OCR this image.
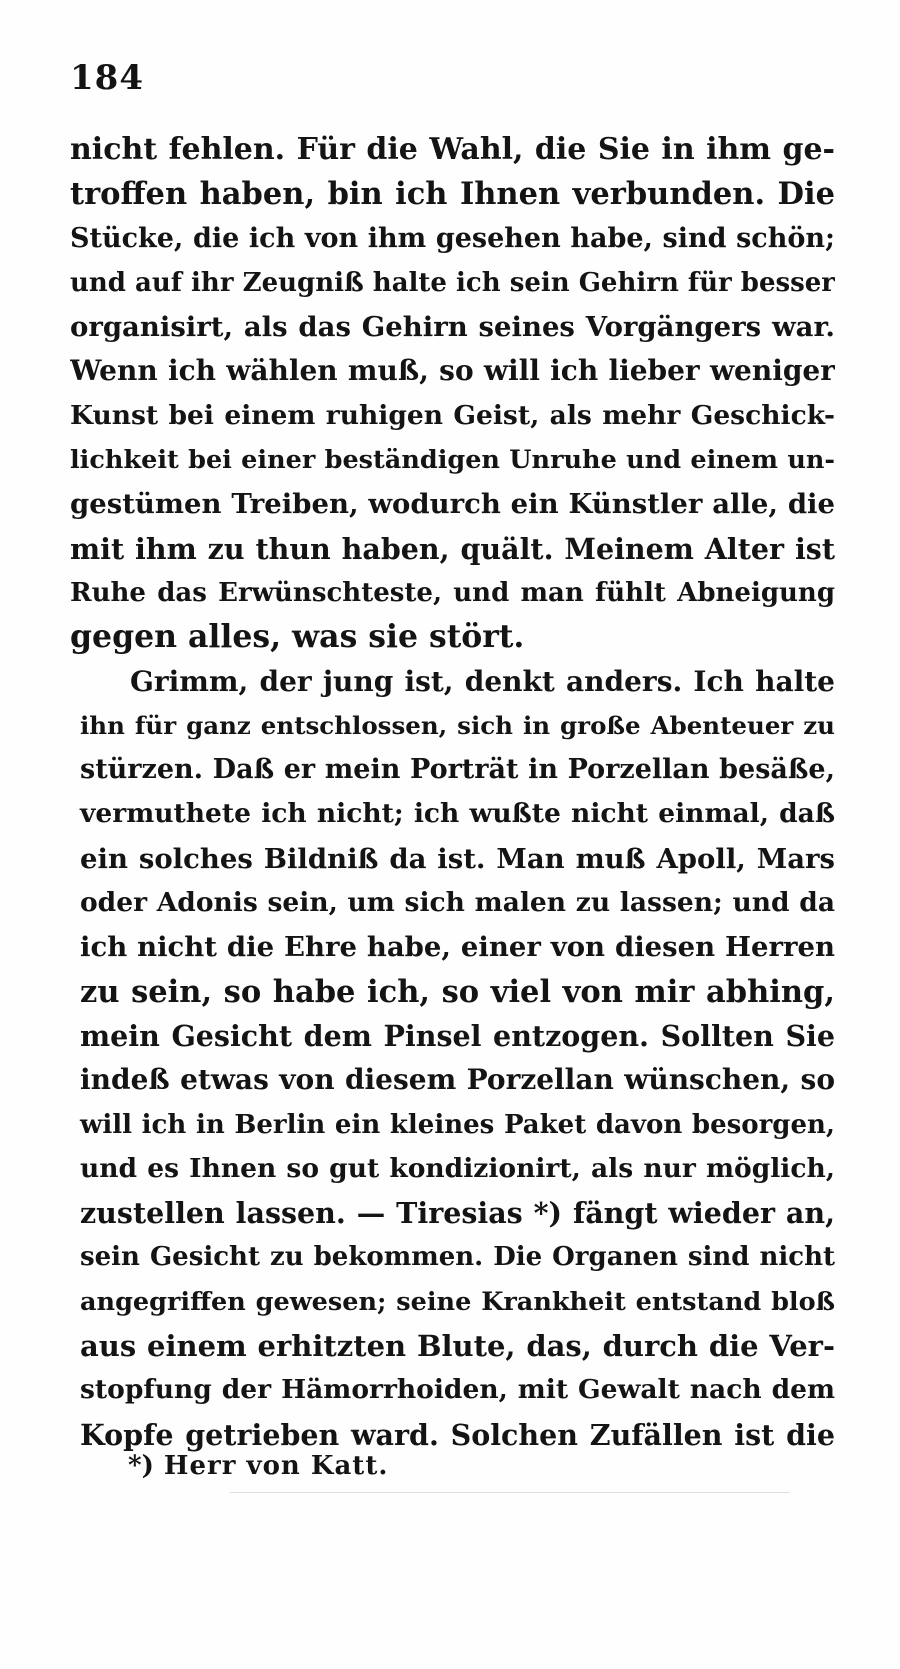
184
nicht fehlen. Für die Wahl, die Sie in ihm ge-
troffen haben, bin ich Ihnen verbunden. Die
Stücke, die ich von ihm gesehen habe, sind schön;
und auf ihr Zeugniß halte ich sein Gehirn für besser
organisirt, als das Gehirn seines Vorgängers war.
Wenn ich wählen muß, so will ich lieber weniger
Kunst bei einem ruhigen Geist, als mehr Geschick-
lichkeit bei einer beständigen Unruhe und einem un-
gestümen Treiben, wodurch ein Künstler alle, die
mit ihm zu thun haben, quält. Meinem Alter ist
Ruhe das Erwünschteste, und man fühlt Abneigung
gegen alles, was sie stört.
Grimm, der jung ist, denkt anders. Ich halte
ihn für ganz entschlossen, sich in große Abenteuer zu
stürzen. Daß er mein Porträt in Porzellan besäße,
vermuthete ich nicht; ich wußte nicht einmal, daß
ein solches Bildniß da ist. Man muß Apoll, Mars
oder Adonis sein, um sich malen zu lassen; und da
ich nicht die Ehre habe, einer von diesen Herren
zu sein, so habe ich, so viel von mir abhing,
mein Gesicht dem Pinsel entzogen. Sollten Sie
indeß etwas von diesem Porzellan wünschen, so
will ich in Berlin ein kleines Paket davon besorgen,
und es Ihnen so gut kondizionirt, als nur möglich,
zustellen lassen. — Tiresias *) fängt wieder an,
sein Gesicht zu bekommen. Die Organen sind nicht
angegriffen gewesen; seine Krankheit entstand bloß
aus einem erhitzten Blute, das, durch die Ver-
stopfung der Hämorrhoiden, mit Gewalt nach dem
Kopfe getrieben ward. Solchen Zufällen ist die
*) Herr von Katt.
